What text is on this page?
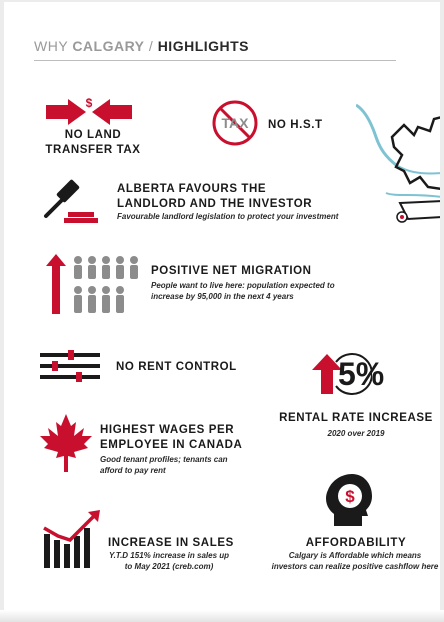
WHY CALGARY / HIGHLIGHTS
$
NO LAND TRANSFER TAX
TAX NO H.S.T
ALBERTA FAVOURS THE
LANDLORD AND THE INVESTOR
Favourable landlord legislation to protect your investment
POSITIVE NET MIGRATION
People want to live here: population expected to
increase by 95,000 in the next 4 years
NO RENT CONTROL	5%
RENTAL RATE INCREASE
2020 over 2019
HIGHEST WAGES PER
EMPLOYEE IN CANADA
Good tenant profiles; tenants can
afford to pay rent
$
AFFORDABILITY
Calgary is Affordable which means
investors can realize positive cashflow here
INCREASE IN SALES
Y.T.D 151% increase in sales up
to May 2021 (creb.com)
